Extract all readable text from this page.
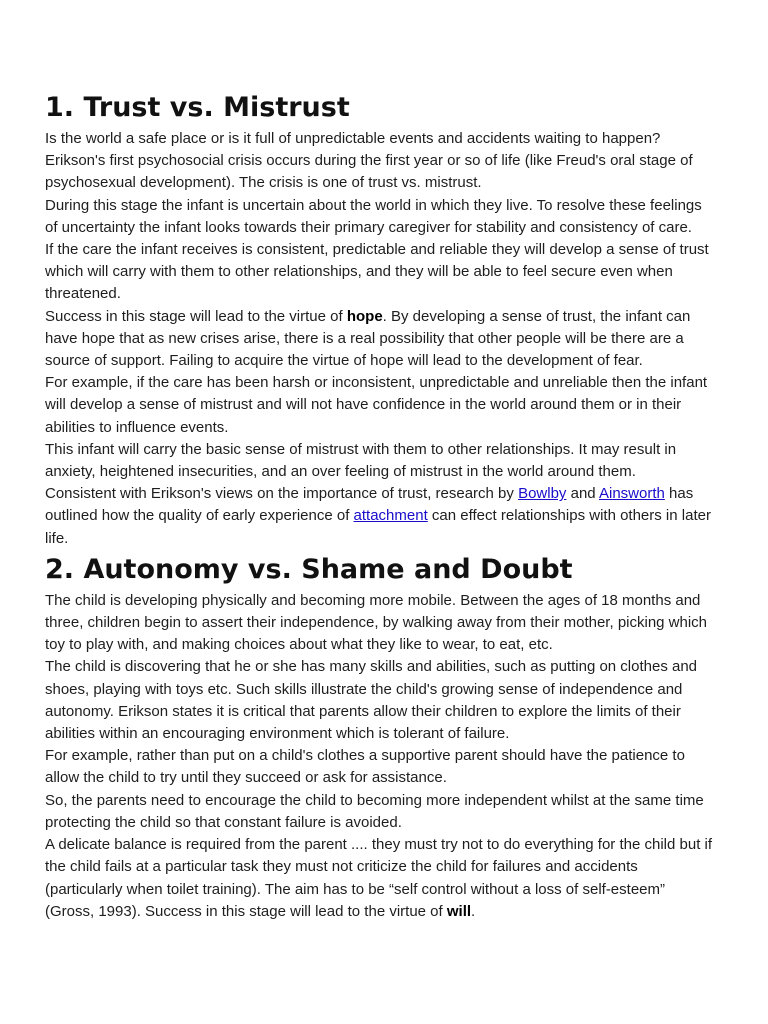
1. Trust vs. Mistrust

Is the world a safe place or is it full of unpredictable events and accidents waiting to happen?

Erikson's first psychosocial crisis occurs during the first year or so of life (like Freud's oral stage of psychosexual development). The crisis is one of trust vs. mistrust.

During this stage the infant is uncertain about the world in which they live. To resolve these feelings of uncertainty the infant looks towards their primary caregiver for stability and consistency of care.

If the care the infant receives is consistent, predictable and reliable they will develop a sense of trust which will carry with them to other relationships, and they will be able to feel secure even when threatened.

Success in this stage will lead to the virtue of hope. By developing a sense of trust, the infant can have hope that as new crises arise, there is a real possibility that other people will be there are a source of support. Failing to acquire the virtue of hope will lead to the development of fear.

For example, if the care has been harsh or inconsistent, unpredictable and unreliable then the infant will develop a sense of mistrust and will not have confidence in the world around them or in their abilities to influence events.

This infant will carry the basic sense of mistrust with them to other relationships. It may result in anxiety, heightened insecurities, and an over feeling of mistrust in the world around them.

Consistent with Erikson's views on the importance of trust, research by Bowlby and Ainsworth has outlined how the quality of early experience of attachment can effect relationships with others in later life.

2. Autonomy vs. Shame and Doubt

The child is developing physically and becoming more mobile. Between the ages of 18 months and three, children begin to assert their independence, by walking away from their mother, picking which toy to play with, and making choices about what they like to wear, to eat, etc.

The child is discovering that he or she has many skills and abilities, such as putting on clothes and shoes, playing with toys etc. Such skills illustrate the child's growing sense of independence and autonomy. Erikson states it is critical that parents allow their children to explore the limits of their abilities within an encouraging environment which is tolerant of failure.

For example, rather than put on a child's clothes a supportive parent should have the patience to allow the child to try until they succeed or ask for assistance.

So, the parents need to encourage the child to becoming more independent whilst at the same time protecting the child so that constant failure is avoided.

A delicate balance is required from the parent .... they must try not to do everything for the child but if the child fails at a particular task they must not criticize the child for failures and accidents (particularly when toilet training). The aim has to be “self control without a loss of self-esteem” (Gross, 1993). Success in this stage will lead to the virtue of will.
